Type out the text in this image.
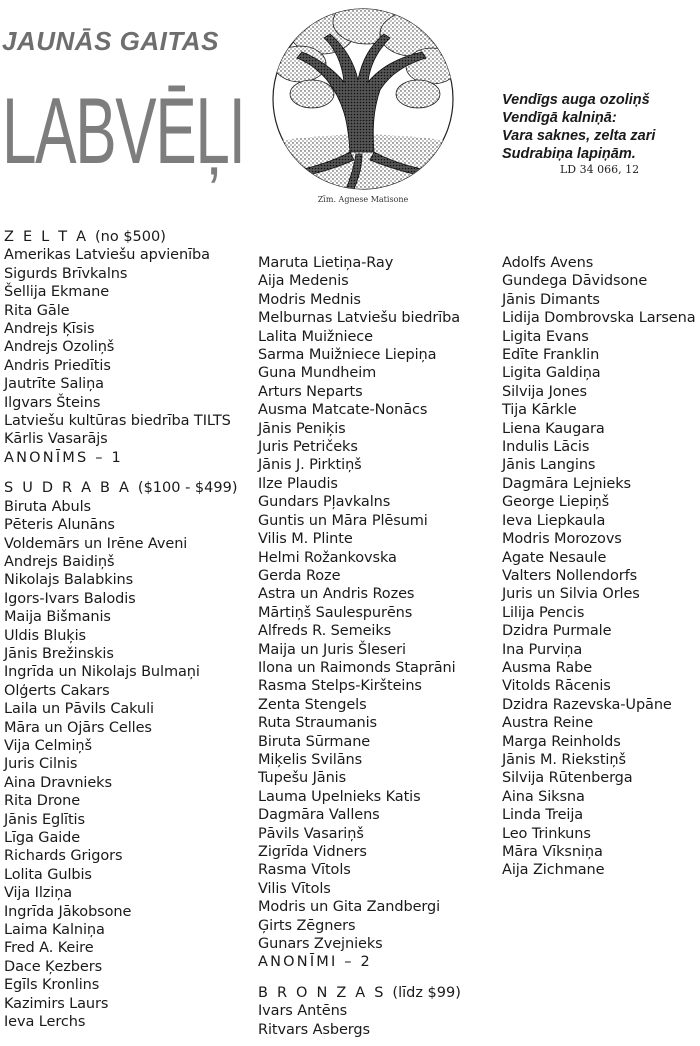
JAUNĀS GAITAS
LABVĒĻI
Zīm. Agnese Matisone
Vendīgs auga ozoliņš
Vendīgā kalniņā:
Vara saknes, zelta zari
Sudrabiņa lapiņām.
LD 34 066, 12
Z E L T A (no $500)
Amerikas Latviešu apvienība
Sigurds Brīvkalns
Šellija Ekmane
Rita Gāle
Andrejs Ķīsis
Andrejs Ozoliņš
Andris Priedītis
Jautrīte Saliņa
Ilgvars Šteins
Latviešu kultūras biedrība TILTS
Kārlis Vasarājs
ANONĪMS – 1
S U D R A B A ($100 - $499)
Biruta Abuls
Pēteris Alunāns
Voldemārs un Irēne Aveni
Andrejs Baidiņš
Nikolajs Balabkins
Igors-Ivars Balodis
Maija Bišmanis
Uldis Bluķis
Jānis Brežinskis
Ingrīda un Nikolajs Bulmaņi
Olģerts Cakars
Laila un Pāvils Cakuli
Māra un Ojārs Celles
Vija Celmiņš
Juris Cilnis
Aina Dravnieks
Rita Drone
Jānis Eglītis
Līga Gaide
Richards Grigors
Lolita Gulbis
Vija Ilziņa
Ingrīda Jākobsone
Laima Kalniņa
Fred A. Keire
Dace Ķezbers
Egīls Kronlins
Kazimirs Laurs
Ieva Lerchs
Maruta Lietiņa-Ray
Aija Medenis
Modris Mednis
Melburnas Latviešu biedrība
Lalita Muižniece
Sarma Muižniece Liepiņa
Guna Mundheim
Arturs Neparts
Ausma Matcate-Nonācs
Jānis Peniķis
Juris Petričeks
Jānis J. Pirktiņš
Ilze Plaudis
Gundars Pļavkalns
Guntis un Māra Plēsumi
Vilis M. Plinte
Helmi Rožankovska
Gerda Roze
Astra un Andris Rozes
Mārtiņš Saulespurēns
Alfreds R. Semeiks
Maija un Juris Šleseri
Ilona un Raimonds Staprāni
Rasma Stelps-Kiršteins
Zenta Stengels
Ruta Straumanis
Biruta Sūrmane
Miķelis Svilāns
Tupešu Jānis
Lauma Upelnieks Katis
Dagmāra Vallens
Pāvils Vasariņš
Zigrīda Vidners
Rasma Vītols
Vilis Vītols
Modris un Gita Zandbergi
Ģirts Zēgners
Gunars Zvejnieks
ANONĪMI – 2
B R O N Z A S (līdz $99)
Ivars Antēns
Ritvars Asbergs
Adolfs Avens
Gundega Dāvidsone
Jānis Dimants
Lidija Dombrovska Larsena
Ligita Evans
Edīte Franklin
Ligita Galdiņa
Silvija Jones
Tija Kārkle
Liena Kaugara
Indulis Lācis
Jānis Langins
Dagmāra Lejnieks
George Liepiņš
Ieva Liepkaula
Modris Morozovs
Agate Nesaule
Valters Nollendorfs
Juris un Silvia Orles
Lilija Pencis
Dzidra Purmale
Ina Purviņa
Ausma Rabe
Vitolds Rācenis
Dzidra Razevska-Upāne
Austra Reine
Marga Reinholds
Jānis M. Riekstiņš
Silvija Rūtenberga
Aina Siksna
Linda Treija
Leo Trinkuns
Māra Vīksniņa
Aija Zichmane
